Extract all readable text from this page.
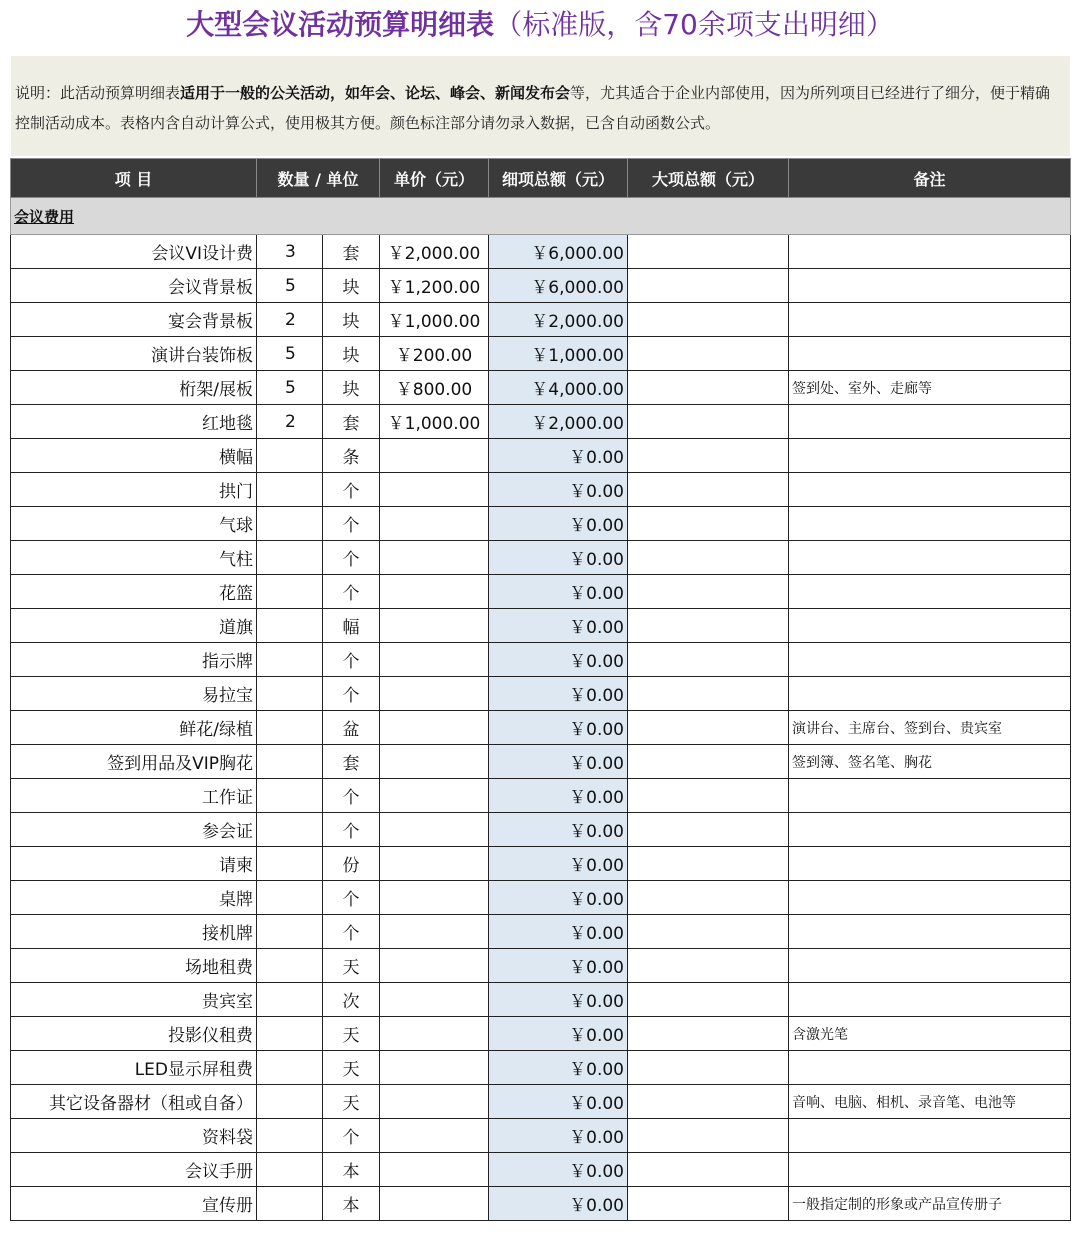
大型会议活动预算明细表（标准版，含70余项支出明细）
说明：此活动预算明细表适用于一般的公关活动，如年会、论坛、峰会、新闻发布会等，尤其适合于企业内部使用，因为所列项目已经进行了细分，便于精确控制活动成本。表格内含自动计算公式，使用极其方便。颜色标注部分请勿录入数据，已含自动函数公式。
项 目	数量 / 单位		单价（元）	细项总额（元）	大项总额（元）	备注
会议费用						
会议VI设计费	3	套	￥2,000.00	￥6,000.00		
会议背景板	5	块	￥1,200.00	￥6,000.00		
宴会背景板	2	块	￥1,000.00	￥2,000.00		
演讲台装饰板	5	块	￥200.00	￥1,000.00		
桁架/展板	5	块	￥800.00	￥4,000.00		签到处、室外、走廊等
红地毯	2	套	￥1,000.00	￥2,000.00		
横幅		条		￥0.00		
拱门		个		￥0.00		
气球		个		￥0.00		
气柱		个		￥0.00		
花篮		个		￥0.00		
道旗		幅		￥0.00		
指示牌		个		￥0.00		
易拉宝		个		￥0.00		
鲜花/绿植		盆		￥0.00		演讲台、主席台、签到台、贵宾室
签到用品及VIP胸花		套		￥0.00		签到簿、签名笔、胸花
工作证		个		￥0.00		
参会证		个		￥0.00		
请柬		份		￥0.00		
桌牌		个		￥0.00		
接机牌		个		￥0.00		
场地租费		天		￥0.00		
贵宾室		次		￥0.00		
投影仪租费		天		￥0.00		含激光笔
LED显示屏租费		天		￥0.00		
其它设备器材（租或自备）		天		￥0.00		音响、电脑、相机、录音笔、电池等
资料袋		个		￥0.00		
会议手册		本		￥0.00		
宣传册		本		￥0.00		一般指定制的形象或产品宣传册子
